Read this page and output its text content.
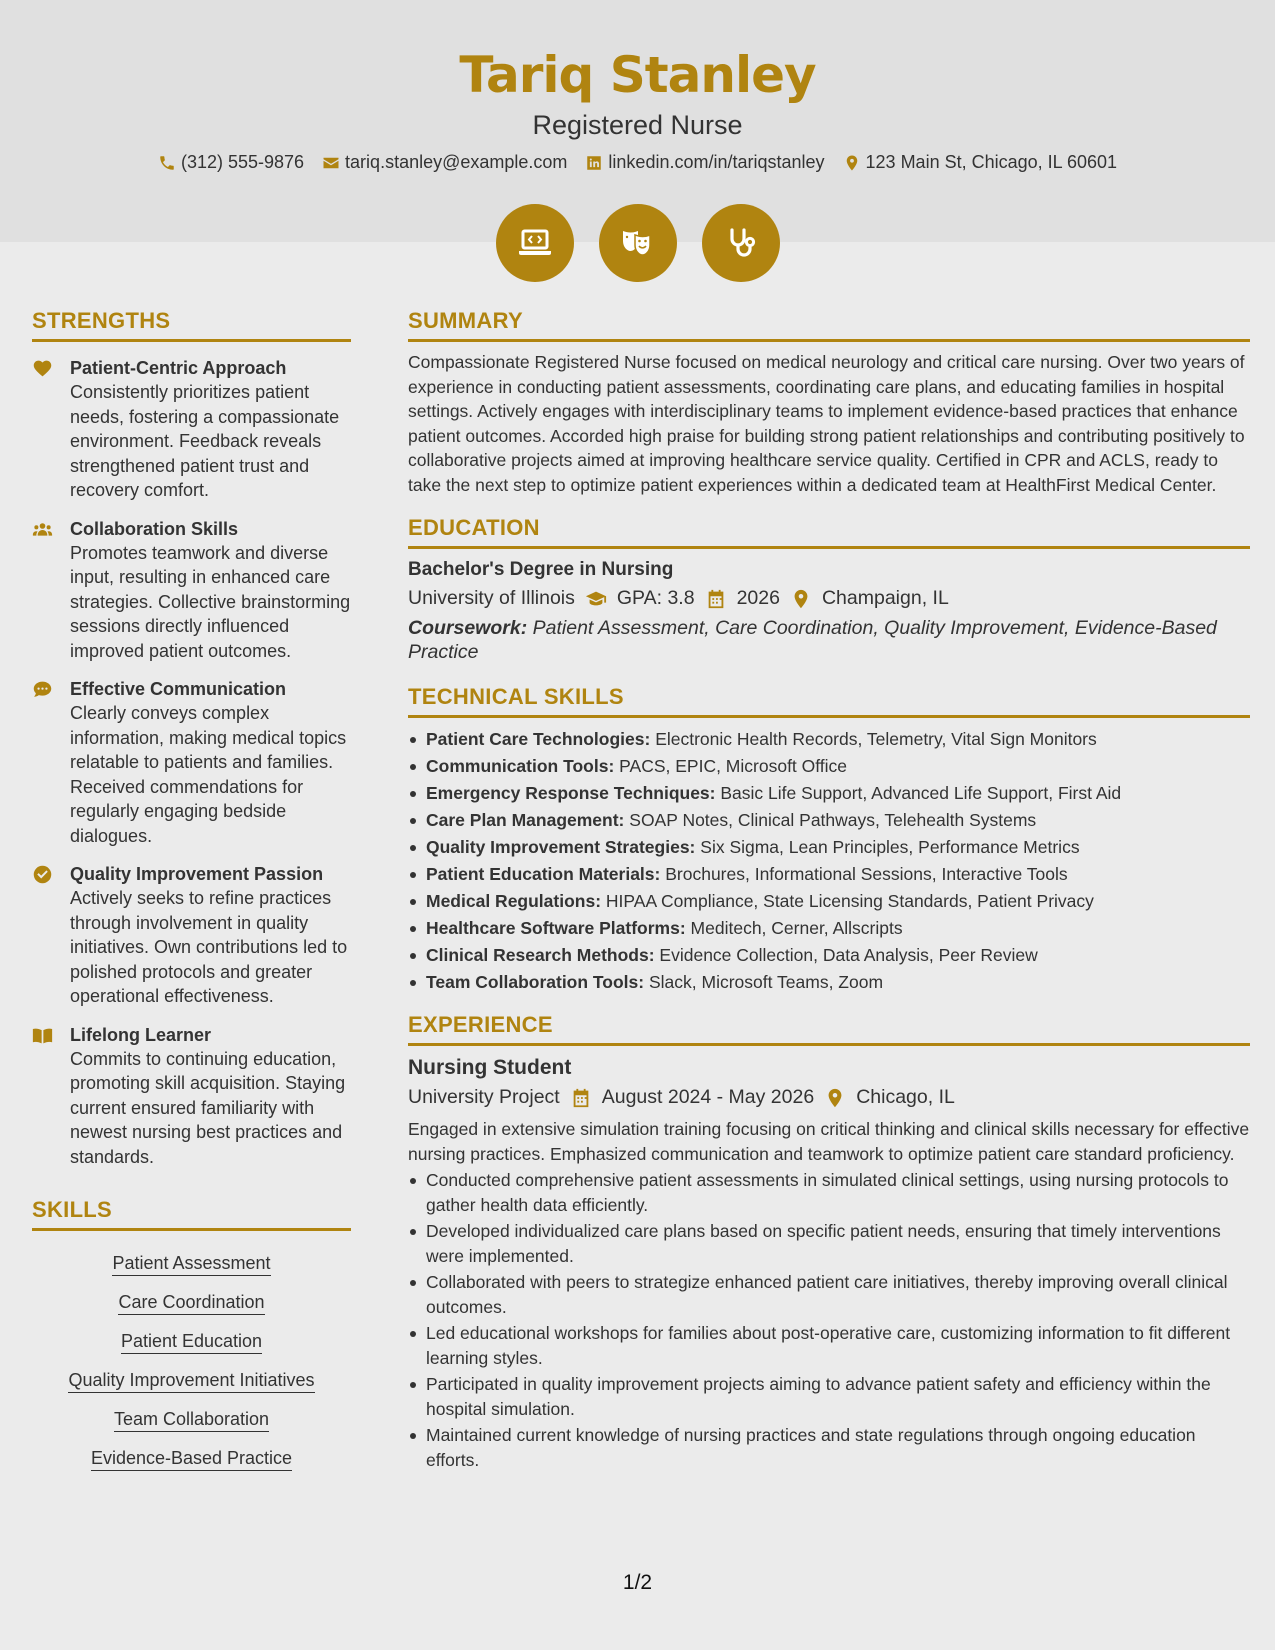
Tariq Stanley
Registered Nurse
(312) 555-9876 tariq.stanley@example.com linkedin.com/in/tariqstanley 123 Main St, Chicago, IL 60601
STRENGTHS
Patient-Centric Approach
Consistently prioritizes patient needs, fostering a compassionate environment. Feedback reveals strengthened patient trust and recovery comfort.
Collaboration Skills
Promotes teamwork and diverse input, resulting in enhanced care strategies. Collective brainstorming sessions directly influenced improved patient outcomes.
Effective Communication
Clearly conveys complex information, making medical topics relatable to patients and families. Received commendations for regularly engaging bedside dialogues.
Quality Improvement Passion
Actively seeks to refine practices through involvement in quality initiatives. Own contributions led to polished protocols and greater operational effectiveness.
Lifelong Learner
Commits to continuing education, promoting skill acquisition. Staying current ensured familiarity with newest nursing best practices and standards.
SKILLS
Patient Assessment
Care Coordination
Patient Education
Quality Improvement Initiatives
Team Collaboration
Evidence-Based Practice
SUMMARY
Compassionate Registered Nurse focused on medical neurology and critical care nursing. Over two years of experience in conducting patient assessments, coordinating care plans, and educating families in hospital settings. Actively engages with interdisciplinary teams to implement evidence-based practices that enhance patient outcomes. Accorded high praise for building strong patient relationships and contributing positively to collaborative projects aimed at improving healthcare service quality. Certified in CPR and ACLS, ready to take the next step to optimize patient experiences within a dedicated team at HealthFirst Medical Center.
EDUCATION
Bachelor's Degree in Nursing
University of Illinois GPA: 3.8 2026 Champaign, IL
Coursework: Patient Assessment, Care Coordination, Quality Improvement, Evidence-Based Practice
TECHNICAL SKILLS
Patient Care Technologies: Electronic Health Records, Telemetry, Vital Sign Monitors
Communication Tools: PACS, EPIC, Microsoft Office
Emergency Response Techniques: Basic Life Support, Advanced Life Support, First Aid
Care Plan Management: SOAP Notes, Clinical Pathways, Telehealth Systems
Quality Improvement Strategies: Six Sigma, Lean Principles, Performance Metrics
Patient Education Materials: Brochures, Informational Sessions, Interactive Tools
Medical Regulations: HIPAA Compliance, State Licensing Standards, Patient Privacy
Healthcare Software Platforms: Meditech, Cerner, Allscripts
Clinical Research Methods: Evidence Collection, Data Analysis, Peer Review
Team Collaboration Tools: Slack, Microsoft Teams, Zoom
EXPERIENCE
Nursing Student
University Project August 2024 - May 2026 Chicago, IL
Engaged in extensive simulation training focusing on critical thinking and clinical skills necessary for effective nursing practices. Emphasized communication and teamwork to optimize patient care standard proficiency.
Conducted comprehensive patient assessments in simulated clinical settings, using nursing protocols to gather health data efficiently.
Developed individualized care plans based on specific patient needs, ensuring that timely interventions were implemented.
Collaborated with peers to strategize enhanced patient care initiatives, thereby improving overall clinical outcomes.
Led educational workshops for families about post-operative care, customizing information to fit different learning styles.
Participated in quality improvement projects aiming to advance patient safety and efficiency within the hospital simulation.
Maintained current knowledge of nursing practices and state regulations through ongoing education efforts.
1/2
